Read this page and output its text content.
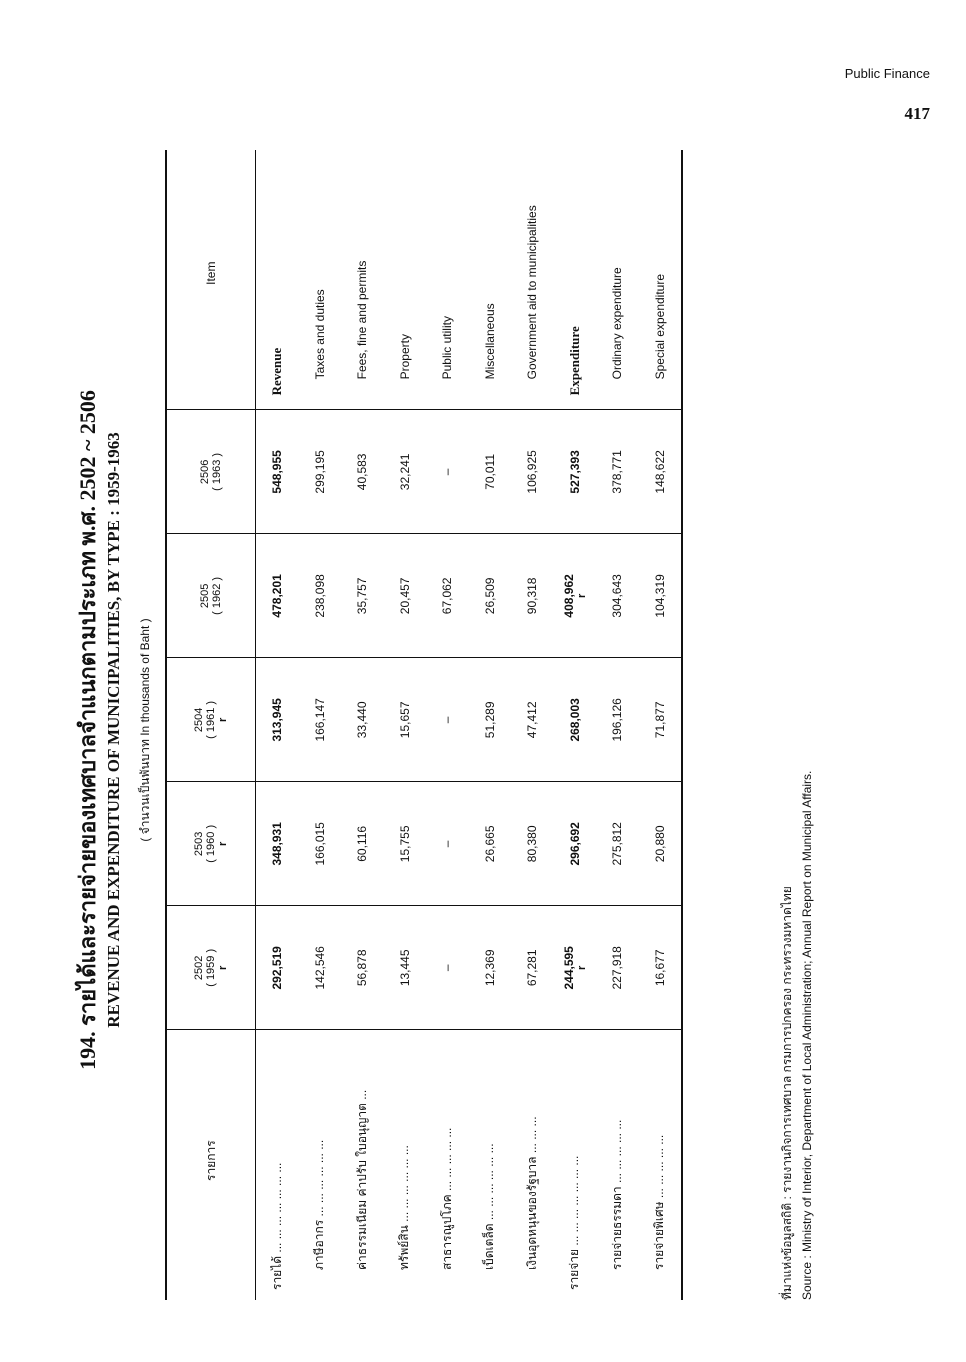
Public Finance
417
194. รายได้และรายจ่ายของเทศบาลจำแนกตามประเภท พ.ศ. 2502 ~ 2506 REVENUE AND EXPENDITURE OF MUNICIPALITIES, BY TYPE : 1959-1963 ( จำนวนเป็นพันบาท In thousands of Baht )
รายการ	2502 ( 1959 ) r	2503 ( 1960 ) r	2504 ( 1961 ) r	2505 ( 1962 )	2506 ( 1963 )	Item
รายได้ ... ... ... ... ... ... ...	292,519	348,931	313,945	478,201	548,955	Revenue
ภาษีอากร ... ... ... ... ... ...	142,546	166,015	166,147	238,098	299,195	Taxes and duties
ค่าธรรมเนียม ค่าปรับ ใบอนุญาต ...	56,878	60,116	33,440	35,757	40,583	Fees, fine and permits
ทรัพย์สิน ... ... ... ... ... ...	13,445	15,755	15,657	20,457	32,241	Property
สาธารณูปโภค ... ... ... ... ...	–	–	–	67,062	–	Public utility
เบ็ดเตล็ด ... ... ... ... ... ...	12,369	26,665	51,289	26,509	70,011	Miscellaneous
เงินอุดหนุนของรัฐบาล ... ... ...	67,281	80,380	47,412	90,318	106,925	Government aid to municipalities
รายจ่าย ... ... ... ... ... ... ...	244,595 r	296,692	268,003	408,962 r	527,393	Expenditure
รายจ่ายธรรมดา ... ... ... ... ...	227,918	275,812	196,126	304,643	378,771	Ordinary expenditure
รายจ่ายพิเศษ ... ... ... ... ...	16,677	20,880	71,877	104,319	148,622	Special expenditure
ที่มาแห่งข้อมูลสถิติ : รายงานกิจการเทศบาล กรมการปกครอง กระทรวงมหาดไทย Source : Ministry of Interior, Department of Local Administration; Annual Report on Municipal Affairs.
